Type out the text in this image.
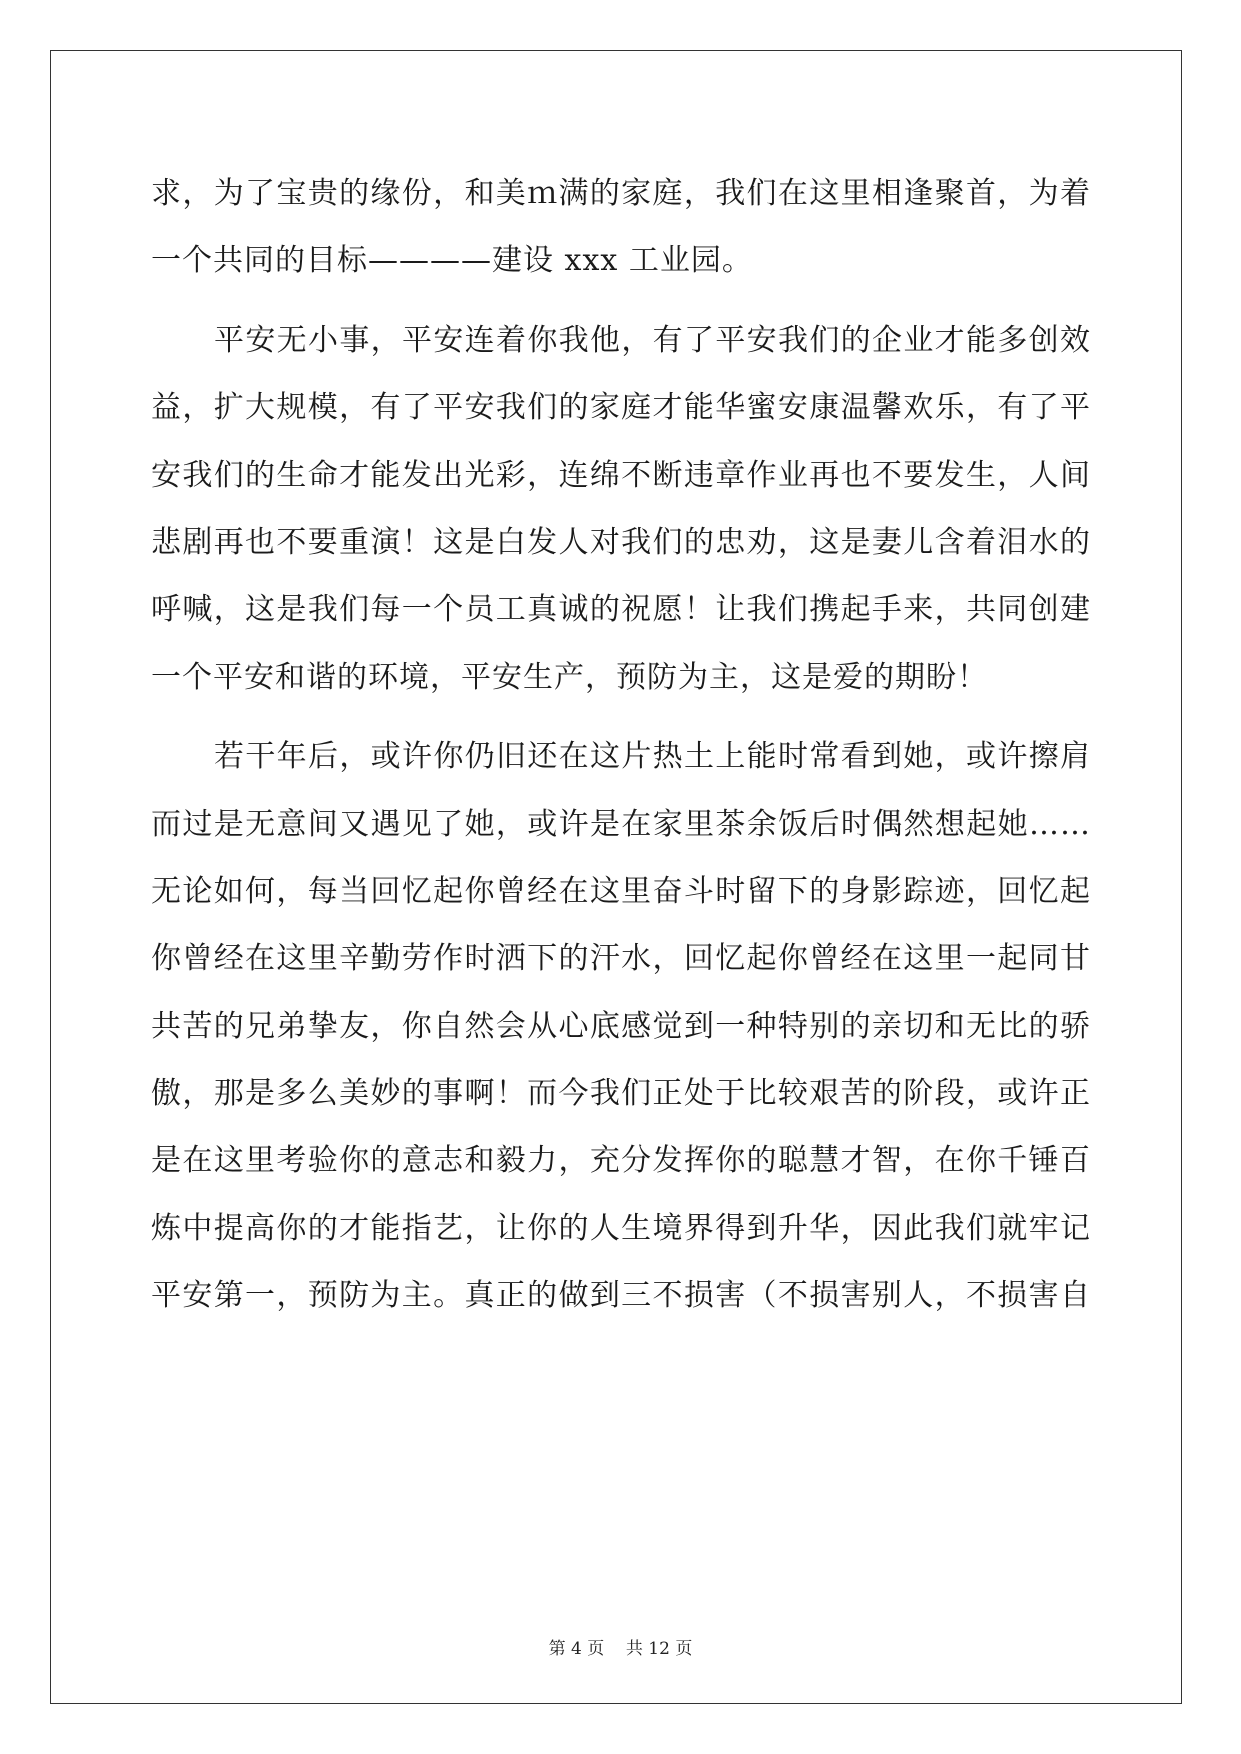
求，为了宝贵的缘份，和美ｍ满的家庭，我们在这里相逢聚首，为着
一个共同的目标————建设 xxx 工业园。
平安无小事，平安连着你我他，有了平安我们的企业才能多创效
益，扩大规模，有了平安我们的家庭才能华蜜安康温馨欢乐，有了平
安我们的生命才能发出光彩，连绵不断违章作业再也不要发生，人间
悲剧再也不要重演！这是白发人对我们的忠劝，这是妻儿含着泪水的
呼喊，这是我们每一个员工真诚的祝愿！让我们携起手来，共同创建
一个平安和谐的环境，平安生产，预防为主，这是爱的期盼！
若干年后，或许你仍旧还在这片热土上能时常看到她，或许擦肩
而过是无意间又遇见了她，或许是在家里茶余饭后时偶然想起她……
无论如何，每当回忆起你曾经在这里奋斗时留下的身影踪迹，回忆起
你曾经在这里辛勤劳作时洒下的汗水，回忆起你曾经在这里一起同甘
共苦的兄弟挚友，你自然会从心底感觉到一种特别的亲切和无比的骄
傲，那是多么美妙的事啊！而今我们正处于比较艰苦的阶段，或许正
是在这里考验你的意志和毅力，充分发挥你的聪慧才智，在你千锤百
炼中提高你的才能指艺，让你的人生境界得到升华，因此我们就牢记
平安第一，预防为主。真正的做到三不损害（不损害别人，不损害自
第 4 页    共 12 页
